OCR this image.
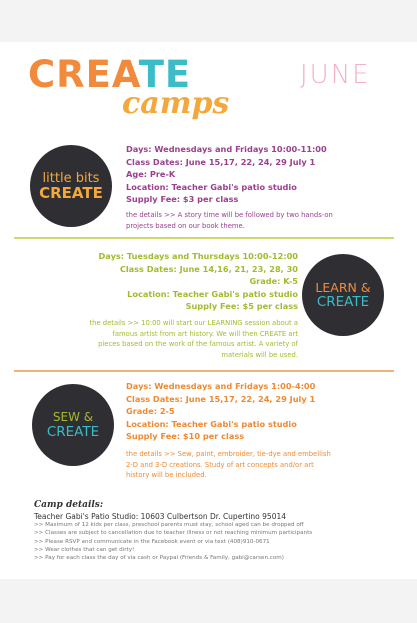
CREATE
camps
JUNE
little bits
CREATE
Days: Wednesdays and Fridays 10:00-11:00
Class Dates: June 15,17, 22, 24, 29 July 1
Age: Pre-K
Location: Teacher Gabi's patio studio
Supply Fee: $3 per class
the details >> A story time will be followed by two hands-on
projects based on our book theme.
Days: Tuesdays and Thursdays 10:00-12:00
Class Dates: June 14,16, 21, 23, 28, 30
Grade: K-5
Location: Teacher Gabi's patio studio
Supply Fee: $5 per class
the details >> 10:00 will start our LEARNING session about a
famous artist from art history. We will then CREATE art
pieces based on the work of the famous artist. A variety of
materials will be used.
LEARN &
CREATE
SEW &
CREATE
Days: Wednesdays and Fridays 1:00-4:00
Class Dates: June 15,17, 22, 24, 29 July 1
Grade: 2-5
Location: Teacher Gabi's patio studio
Supply Fee: $10 per class
the details >> Sew, paint, embroider, tie-dye and embellish
2-D and 3-D creations. Study of art concepts and/or art
history will be included.
Camp details:
Teacher Gabi's Patio Studio: 10603 Culbertson Dr. Cupertino 95014
>> Maximum of 12 kids per class, preschool parents must stay, school aged can be dropped off
>> Classes are subject to cancellation due to teacher illness or not reaching minimum participants
>> Please RSVP and communicate in the Facebook event or via text (408)910-0671
>> Wear clothes that can get dirty!
>> Pay for each class the day of via cash or Paypal (Friends & Family, gabi@carsen.com)
